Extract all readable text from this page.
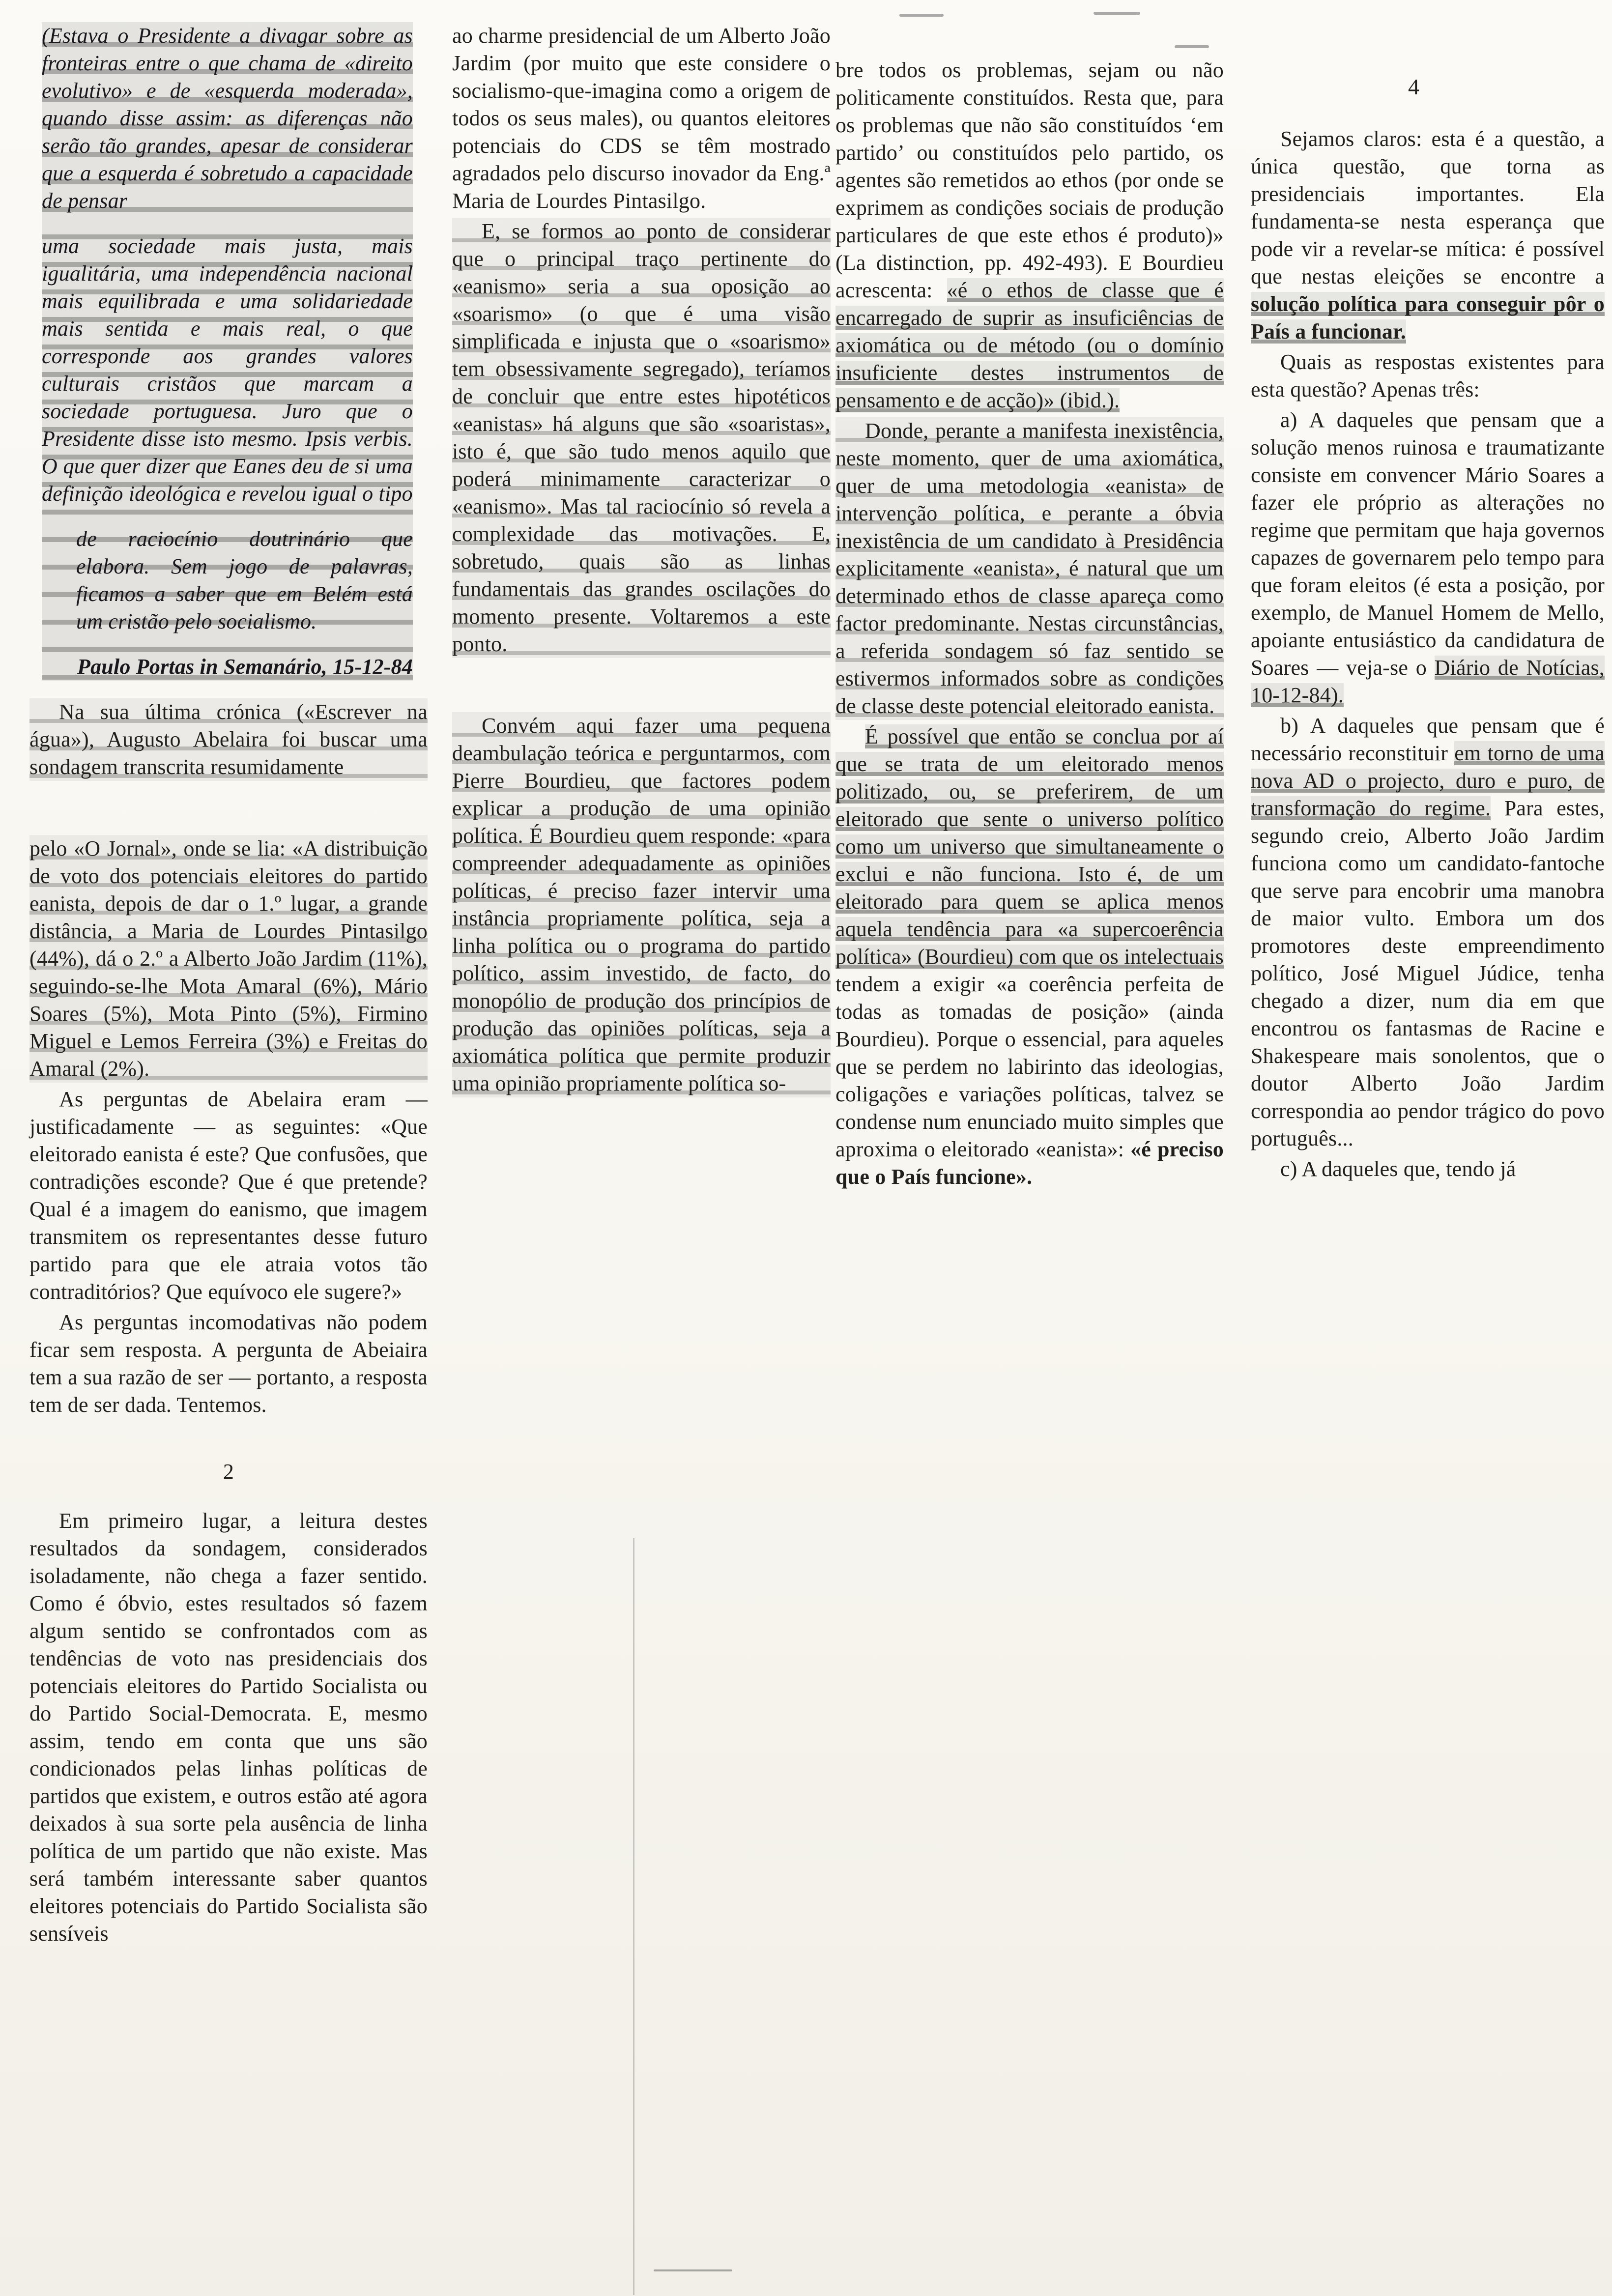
4

(Estava o Presidente a divagar sobre as fronteiras entre o que chama de «direito evolutivo» e de «esquerda moderada», quando disse assim: as diferenças não serão tão grandes, apesar de considerar que a esquerda é sobretudo a capacidade de pensar

uma sociedade mais justa, mais igualitária, uma independência nacional mais equilibrada e uma solidariedade mais sentida e mais real, o que corresponde aos grandes valores culturais cristãos que marcam a sociedade portuguesa. Juro que o Presidente disse isto mesmo. Ipsis verbis. O que quer dizer que Eanes deu de si uma definição ideológica e revelou igual o tipo

de raciocínio doutrinário que elabora. Sem jogo de palavras, ficamos a saber que em Belém está um cristão pelo socialismo.

Paulo Portas in Semanário, 15-12-84

Na sua última crónica («Escrever na água»), Augusto Abelaira foi buscar uma sondagem transcrita resumidamente

pelo «O Jornal», onde se lia: «A distribuição de voto dos potenciais eleitores do partido eanista, depois de dar o 1.º lugar, a grande distância, a Maria de Lourdes Pintasilgo (44%), dá o 2.º a Alberto João Jardim (11%), seguindo-se-lhe Mota Amaral (6%), Mário Soares (5%), Mota Pinto (5%), Firmino Miguel e Lemos Ferreira (3%) e Freitas do Amaral (2%).

As perguntas de Abelaira eram — justificadamente — as seguintes: «Que eleitorado eanista é este? Que confusões, que contradições esconde? Que é que pretende? Qual é a imagem do eanismo, que imagem transmitem os representantes desse futuro partido para que ele atraia votos tão contraditórios? Que equívoco ele sugere?»

As perguntas incomodativas não podem ficar sem resposta. A pergunta de Abeiaira tem a sua razão de ser — portanto, a resposta tem de ser dada. Tentemos.

2

Em primeiro lugar, a leitura destes resultados da sondagem, considerados isoladamente, não chega a fazer sentido. Como é óbvio, estes resultados só fazem algum sentido se confrontados com as tendências de voto nas presidenciais dos potenciais eleitores do Partido Socialista ou do Partido Social-Democrata. E, mesmo assim, tendo em conta que uns são condicionados pelas linhas políticas de partidos que existem, e outros estão até agora deixados à sua sorte pela ausência de linha política de um partido que não existe. Mas será também interessante saber quantos eleitores potenciais do Partido Socialista são sensíveis

ao charme presidencial de um Alberto João Jardim (por muito que este considere o socialismo-que-imagina como a origem de todos os seus males), ou quantos eleitores potenciais do CDS se têm mostrado agradados pelo discurso inovador da Eng.ª Maria de Lourdes Pintasilgo.

E, se formos ao ponto de considerar que o principal traço pertinente do «eanismo» seria a sua oposição ao «soarismo» (o que é uma visão simplificada e injusta que o «soarismo» tem obsessivamente segregado), teríamos de concluir que entre estes hipotéticos «eanistas» há alguns que são «soaristas», isto é, que são tudo menos aquilo que poderá minimamente caracterizar o «eanismo». Mas tal raciocínio só revela a complexidade das motivações. E, sobretudo, quais são as linhas fundamentais das grandes oscilações do momento presente. Voltaremos a este ponto.

Convém aqui fazer uma pequena deambulação teórica e perguntarmos, com Pierre Bourdieu, que factores podem explicar a produção de uma opinião política. É Bourdieu quem responde: «para compreender adequadamente as opiniões políticas, é preciso fazer intervir uma instância propriamente política, seja a linha política ou o programa do partido político, assim investido, de facto, do monopólio de produção dos princípios de produção das opiniões políticas, seja a axiomática política que permite produzir uma opinião propriamente política so-

bre todos os problemas, sejam ou não politicamente constituídos. Resta que, para os problemas que não são constituídos ‘em partido’ ou constituídos pelo partido, os agentes são remetidos ao ethos (por onde se exprimem as condições sociais de produção particulares de que este ethos é produto)» (La distinction, pp. 492-493). E Bourdieu acrescenta: «é o ethos de classe que é encarregado de suprir as insuficiências de axiomática ou de método (ou o domínio insuficiente destes instrumentos de pensamento e de acção)» (ibid.).

Donde, perante a manifesta inexistência, neste momento, quer de uma axiomática, quer de uma metodologia «eanista» de intervenção política, e perante a óbvia inexistência de um candidato à Presidência explicitamente «eanista», é natural que um determinado ethos de classe apareça como factor predominante. Nestas circunstâncias, a referida sondagem só faz sentido se estivermos informados sobre as condições de classe deste potencial eleitorado eanista.

É possível que então se conclua por aí que se trata de um eleitorado menos politizado, ou, se preferirem, de um eleitorado que sente o universo político como um universo que simultaneamente o exclui e não funciona. Isto é, de um eleitorado para quem se aplica menos aquela tendência para «a supercoerência política» (Bourdieu) com que os intelectuais tendem a exigir «a coerência perfeita de todas as tomadas de posição» (ainda Bourdieu). Porque o essencial, para aqueles que se perdem no labirinto das ideologias, coligações e variações políticas, talvez se condense num enunciado muito simples que aproxima o eleitorado «eanista»: «é preciso que o País funcione».

Sejamos claros: esta é a questão, a única questão, que torna as presidenciais importantes. Ela fundamenta-se nesta esperança que pode vir a revelar-se mítica: é possível que nestas eleições se encontre a solução política para conseguir pôr o País a funcionar.

Quais as respostas existentes para esta questão? Apenas três:

a) A daqueles que pensam que a solução menos ruinosa e traumatizante consiste em convencer Mário Soares a fazer ele próprio as alterações no regime que permitam que haja governos capazes de governarem pelo tempo para que foram eleitos (é esta a posição, por exemplo, de Manuel Homem de Mello, apoiante entusiástico da candidatura de Soares — veja-se o Diário de Notícias, 10-12-84).

b) A daqueles que pensam que é necessário reconstituir em torno de uma nova AD o projecto, duro e puro, de transformação do regime. Para estes, segundo creio, Alberto João Jardim funciona como um candidato-fantoche que serve para encobrir uma manobra de maior vulto. Embora um dos promotores deste empreendimento político, José Miguel Júdice, tenha chegado a dizer, num dia em que encontrou os fantasmas de Racine e Shakespeare mais sonolentos, que o doutor Alberto João Jardim correspondia ao pendor trágico do povo português...

c) A daqueles que, tendo já
